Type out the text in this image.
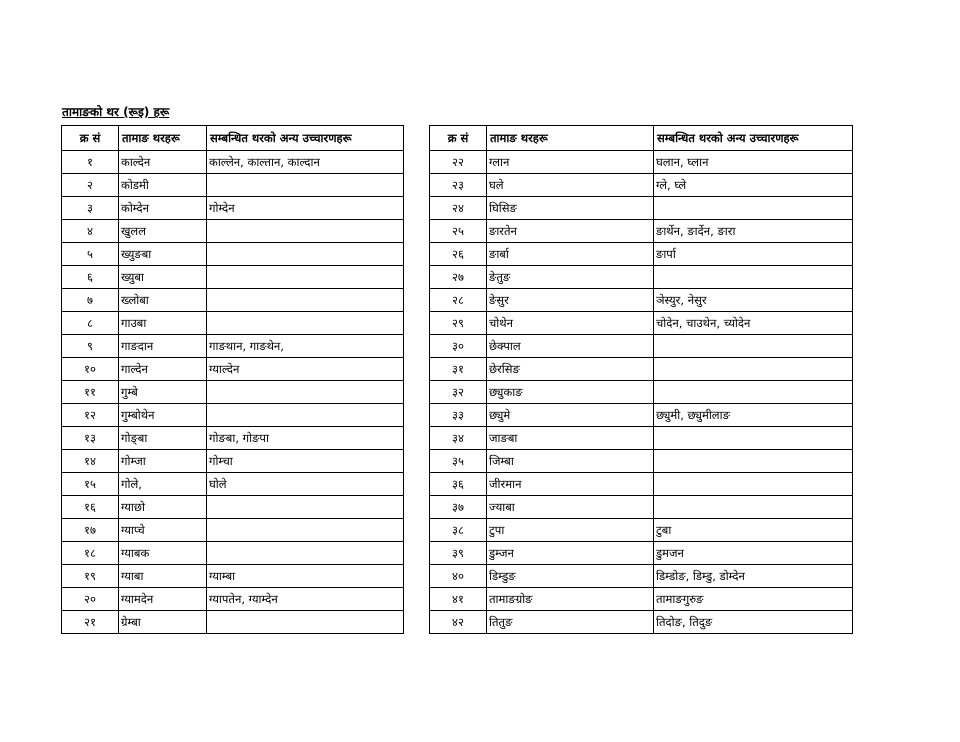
तामाङको थर (रूइ) हरू
क्र सं	तामाङ थरहरू	सम्बन्धित थरको अन्य उच्चारणहरू
१	काल्देन	काल्लेन, काल्तान, काल्दान
२	कोडमी	
३	कोम्देन	गोम्देन
४	खुलल	
५	ख्युङबा	
६	ख्युबा	
७	ख्लोबा	
८	गाउबा	
९	गाङदान	गाङथान, गाङथेन,
१०	गाल्देन	ग्याल्देन
११	गुम्बे	
१२	गुम्बोथेन	
१३	गोङ्बा	गोङबा, गोङपा
१४	गोम्जा	गोम्चा
१५	गोले,	घोले
१६	ग्याछो	
१७	ग्याप्चे	
१८	ग्याबक	
१९	ग्याबा	ग्याम्बा
२०	ग्यामदेन	ग्यापतेन, ग्याम्देन
२१	ग्रेम्बा	
क्र सं	तामाङ थरहरू	सम्बन्धित थरको अन्य उच्चारणहरू
२२	ग्लान	घलान, घ्लान
२३	घले	ग्ले, घ्ले
२४	घिसिङ	
२५	ङारतेन	ङार्थेन, ङार्देन, ङारा
२६	ङार्बा	ङार्पा
२७	ङेतुङ	
२८	ङेसुर	ञेस्युर, नेसुर
२९	चोथेन	चोदेन, चाउथेन, च्योदेन
३०	छेक्पाल	
३१	छेरसिङ	
३२	छ्युकाङ	
३३	छ्युमे	छ्युमी, छ्युमीलाङ
३४	जाङबा	
३५	जिम्बा	
३६	जीरमान	
३७	ज्याबा	
३८	टुपा	टुबा
३९	डुम्जन	डुमजन
४०	डिम्डुङ	डिम्डोङ, डिम्डु, डोम्देन
४१	तामाङग्रोङ	तामाङगुरुङ
४२	तितुङ	तिदोङ, तिदुङ
